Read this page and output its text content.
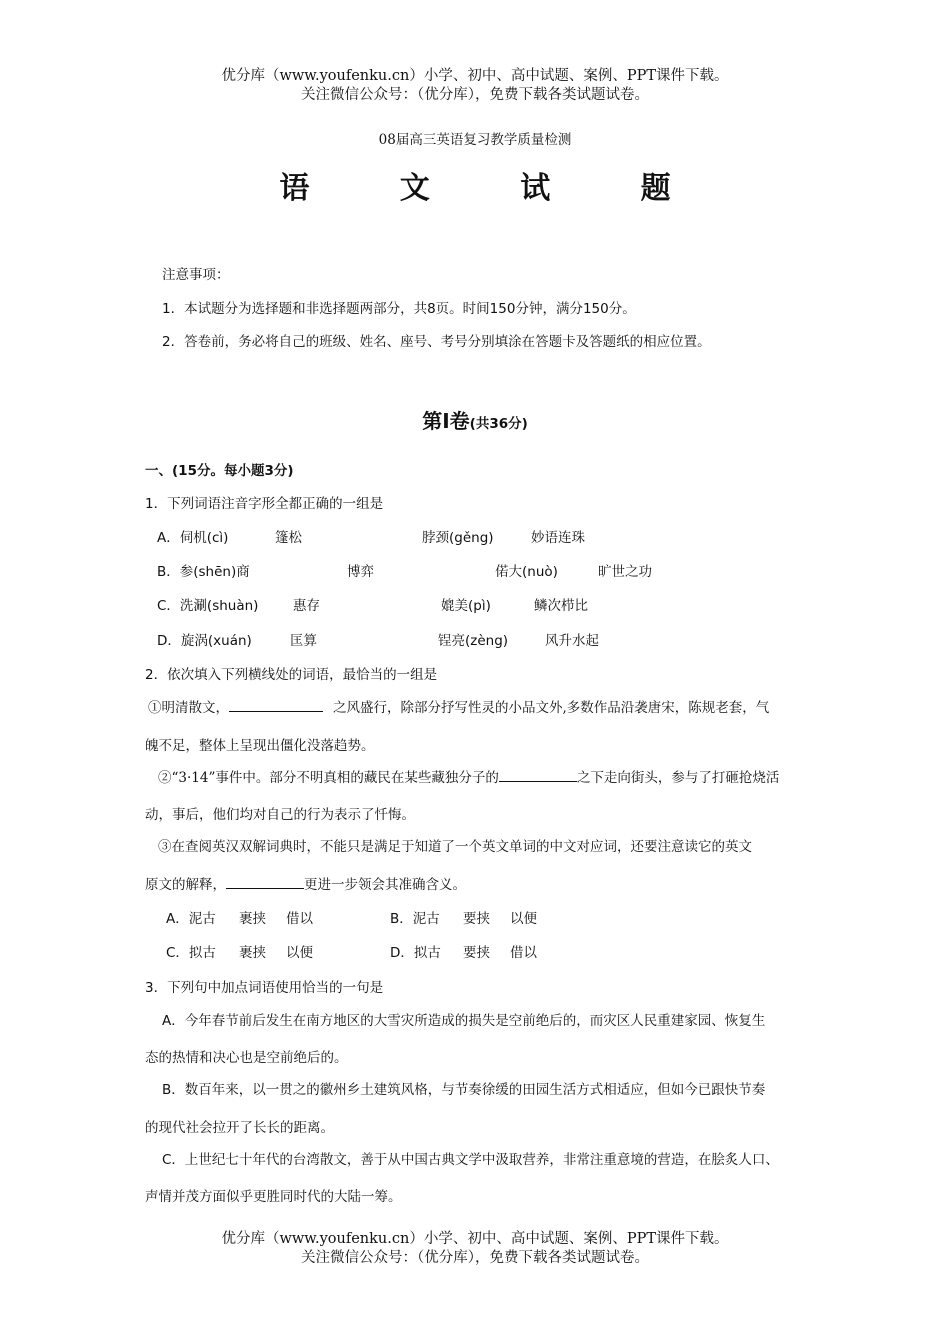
优分库（www.youfenku.cn）小学、初中、高中试题、案例、PPT课件下载。
关注微信公众号：（优分库），免费下载各类试题试卷。
08届高三英语复习教学质量检测
语 文 试 题
注意事项：
1．本试题分为选择题和非选择题两部分，共8页。时间150分钟，满分150分。
2．答卷前，务必将自己的班级、姓名、座号、考号分别填涂在答题卡及答题纸的相应位置。
第Ⅰ卷(共36分)
一、(15分。每小题3分)
1．下列词语注音字形全都正确的一组是
A．伺机(cì)	篷松	脖颈(gěng)	妙语连珠
B．参(shēn)商	博弈	偌大(nuò)	旷世之功
C．洗涮(shuàn)	惠存	媲美(pì)	鳞次栉比
D．旋涡(xuán)	匡算	锃亮(zèng)	风升水起
2．依次填入下列横线处的词语，最恰当的一组是
①明清散文，	之风盛行，除部分抒写性灵的小品文外,多数作品沿袭唐宋，陈规老套，气
魄不足，整体上呈现出僵化没落趋势。
②“3·14”事件中。部分不明真相的藏民在某些藏独分子的	之下走向街头，参与了打砸抢烧活
动，事后，他们均对自己的行为表示了忏悔。
③在查阅英汉双解词典时，不能只是满足于知道了一个英文单词的中文对应词，还要注意读它的英文
原文的解释，	更进一步领会其准确含义。
A．泥古 裹挟 借以	B．泥古 要挟 以便
C．拟古 裹挟 以便	D．拟古 要挟 借以
3．下列句中加点词语使用恰当的一句是
A．今年春节前后发生在南方地区的大雪灾所造成的损失是空前绝后的，而灾区人民重建家园、恢复生
态的热情和决心也是空前绝后的。
B．数百年来，以一贯之的徽州乡土建筑风格，与节奏徐缓的田园生活方式相适应，但如今已跟快节奏
的现代社会拉开了长长的距离。
C．上世纪七十年代的台湾散文，善于从中国古典文学中汲取营养，非常注重意境的营造，在脍炙人口、
声情并茂方面似乎更胜同时代的大陆一筹。
优分库（www.youfenku.cn）小学、初中、高中试题、案例、PPT课件下载。
关注微信公众号：（优分库），免费下载各类试题试卷。
